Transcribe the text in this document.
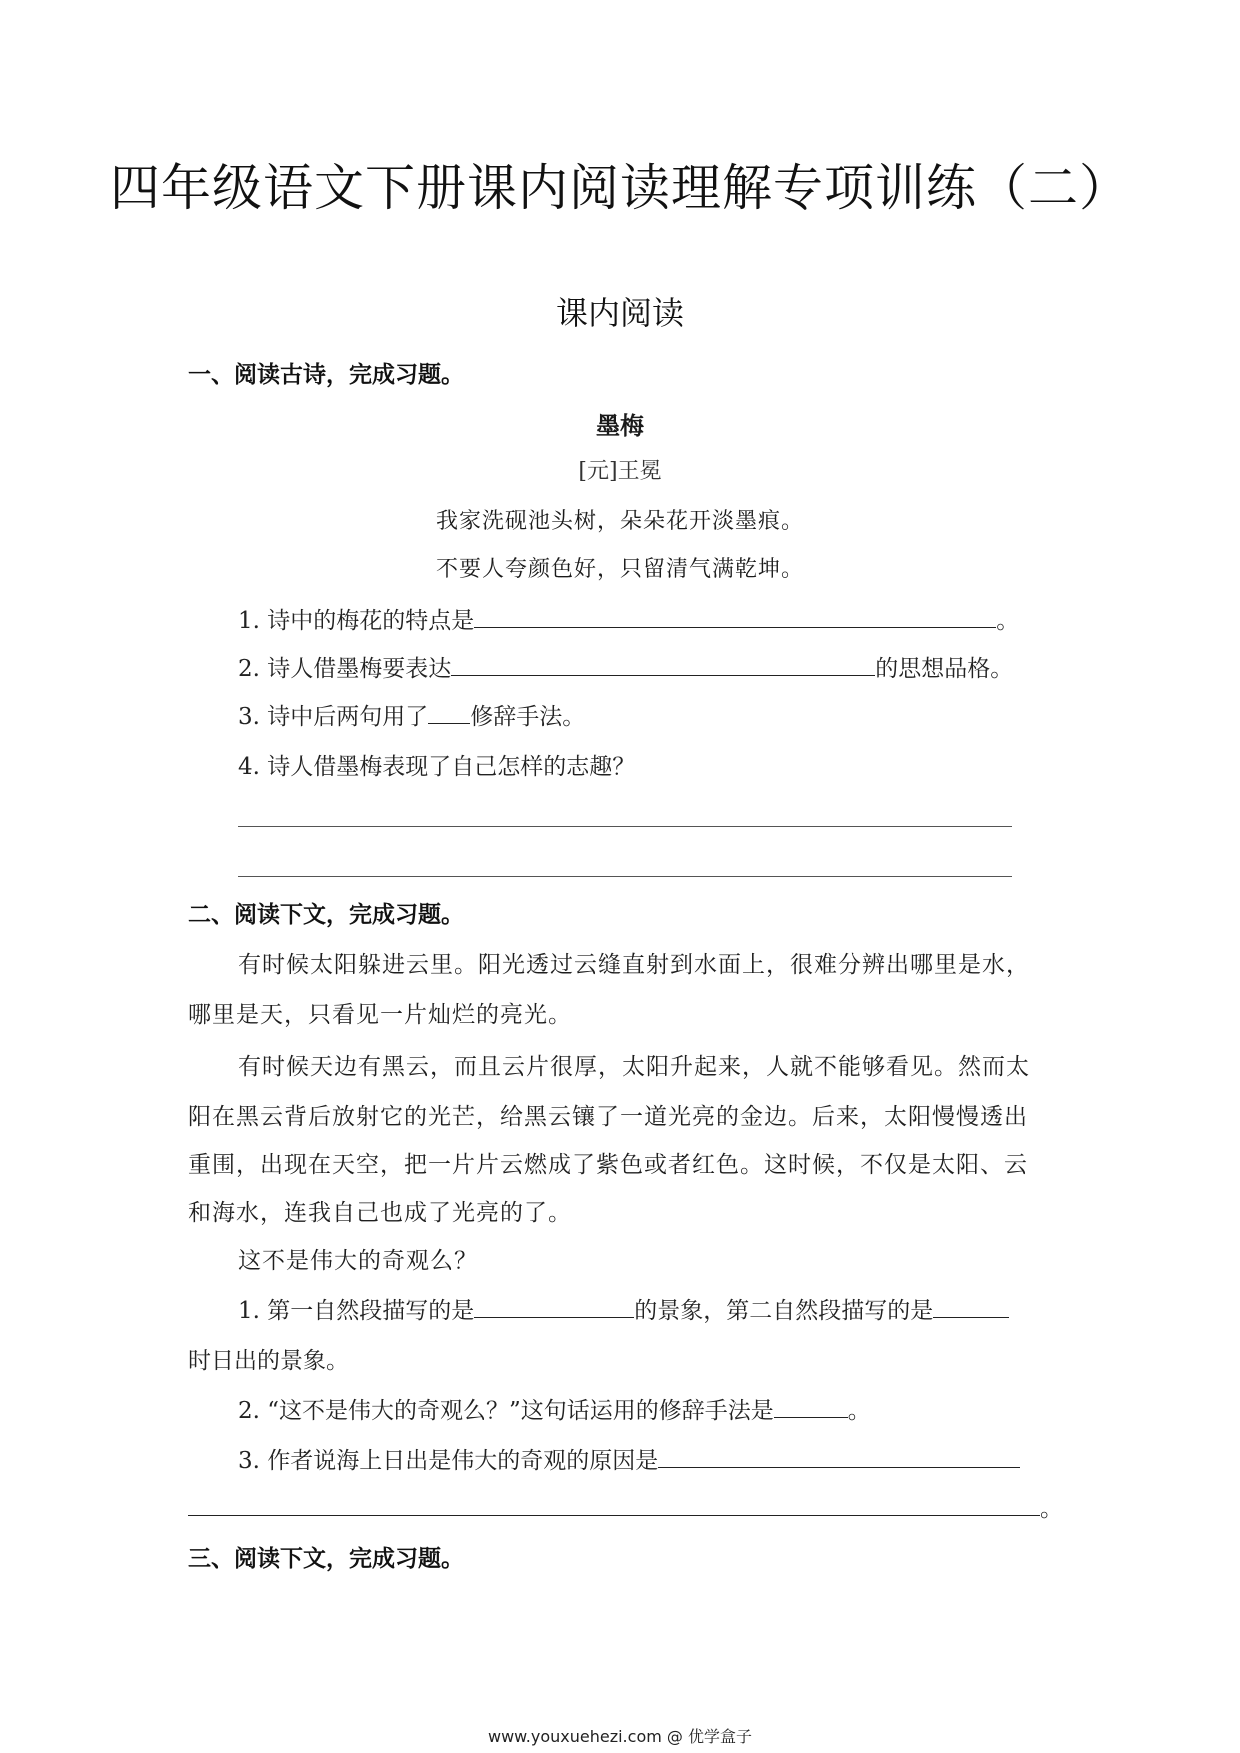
四年级语文下册课内阅读理解专项训练（二）
课内阅读
一、阅读古诗，完成习题。
墨梅
[元]王冕
我家洗砚池头树，朵朵花开淡墨痕。
不要人夸颜色好，只留清气满乾坤。
1. 诗中的梅花的特点是	。
2. 诗人借墨梅要表达	的思想品格。
3. 诗中后两句用了 修辞手法。
4. 诗人借墨梅表现了自己怎样的志趣？
二、阅读下文，完成习题。
有时候太阳躲进云里。阳光透过云缝直射到水面上，很难分辨出哪里是水，
哪里是天，只看见一片灿烂的亮光。
有时候天边有黑云，而且云片很厚，太阳升起来，人就不能够看见。然而太
阳在黑云背后放射它的光芒，给黑云镶了一道光亮的金边。后来，太阳慢慢透出
重围，出现在天空，把一片片云燃成了紫色或者红色。这时候，不仅是太阳、云
和海水，连我自己也成了光亮的了。
这不是伟大的奇观么？
1. 第一自然段描写的是	的景象，第二自然段描写的是
时日出的景象。
2. “这不是伟大的奇观么？”这句话运用的修辞手法是	。
3. 作者说海上日出是伟大的奇观的原因是
。
三、阅读下文，完成习题。
www.youxuehezi.com @ 优学盒子
